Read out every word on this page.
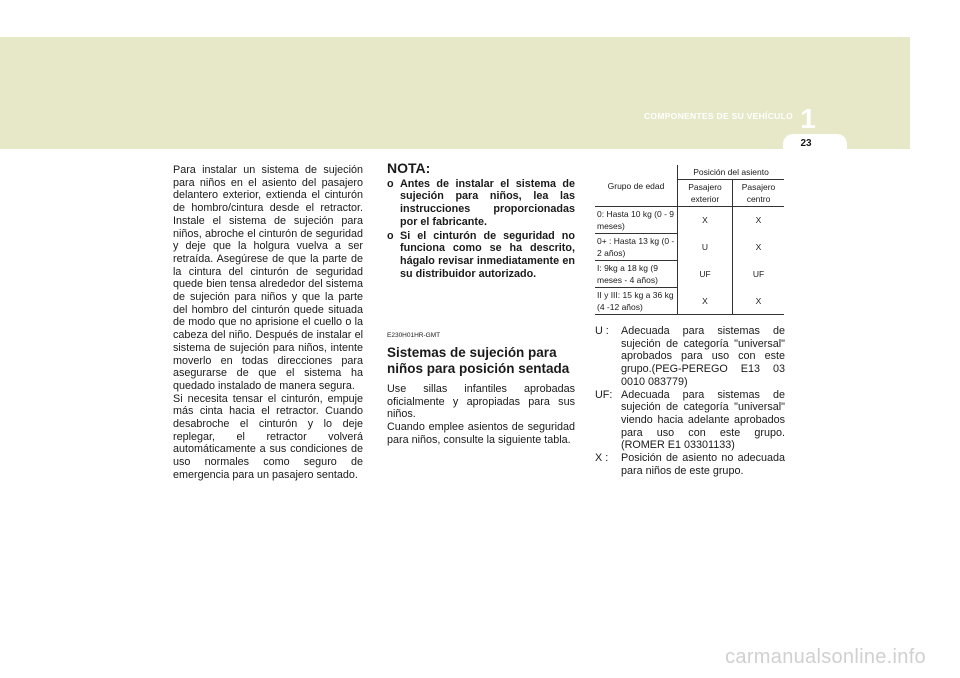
1
COMPONENTES DE SU VEHÍCULO
23

Para instalar un sistema de sujeción para niños en el asiento del pasajero delantero exterior, extienda el cinturón de hombro/cintura desde el retractor. Instale el sistema de sujeción para niños, abroche el cinturón de seguridad y deje que la holgura vuelva a ser retraída. Asegúrese de que la parte de la cintura del cinturón de seguridad quede bien tensa alrededor del sistema de sujeción para niños y que la parte del hombro del cinturón quede situada de modo que no aprisione el cuello o la cabeza del niño. Después de instalar el sistema de sujeción para niños, intente moverlo en todas direcciones para asegurarse de que el sistema ha quedado instalado de manera segura.

Si necesita tensar el cinturón, empuje más cinta hacia el retractor. Cuando desabroche el cinturón y lo deje replegar, el retractor volverá automáticamente a sus condiciones de uso normales como seguro de emergencia para un pasajero sentado.

NOTA:
o Antes de instalar el sistema de sujeción para niños, lea las instrucciones proporcionadas por el fabricante.
o Si el cinturón de seguridad no funciona como se ha descrito, hágalo revisar inmediatamente en su distribuidor autorizado.
E230H01HR-GMT
Sistemas de sujeción para niños para posición sentada

Use sillas infantiles aprobadas oficialmente y apropiadas para sus niños.

Cuando emplee asientos de seguridad para niños, consulte la siguiente tabla.

Grupo de edad	Posición del asiento	
	Pasajero exterior	Pasajero centro
0: Hasta 10 kg (0 - 9 meses)	X	X
0+ : Hasta 13 kg (0 - 2 años)	U	X
I: 9kg a 18 kg (9 meses - 4 años)	UF	UF
II y III: 15 kg a 36 kg (4 -12 años)	X	X
U :	Adecuada para sistemas de sujeción de categoría "universal" aprobados para uso con este grupo.(PEG-PEREGO E13 03 0010 083779)
UF: Adecuada para sistemas de sujeción de categoría "universal" viendo hacia adelante aprobados para uso con este grupo. (ROMER E1 03301133)
X :	Posición de asiento no adecuada para niños de este grupo.
carmanualsonline.info
